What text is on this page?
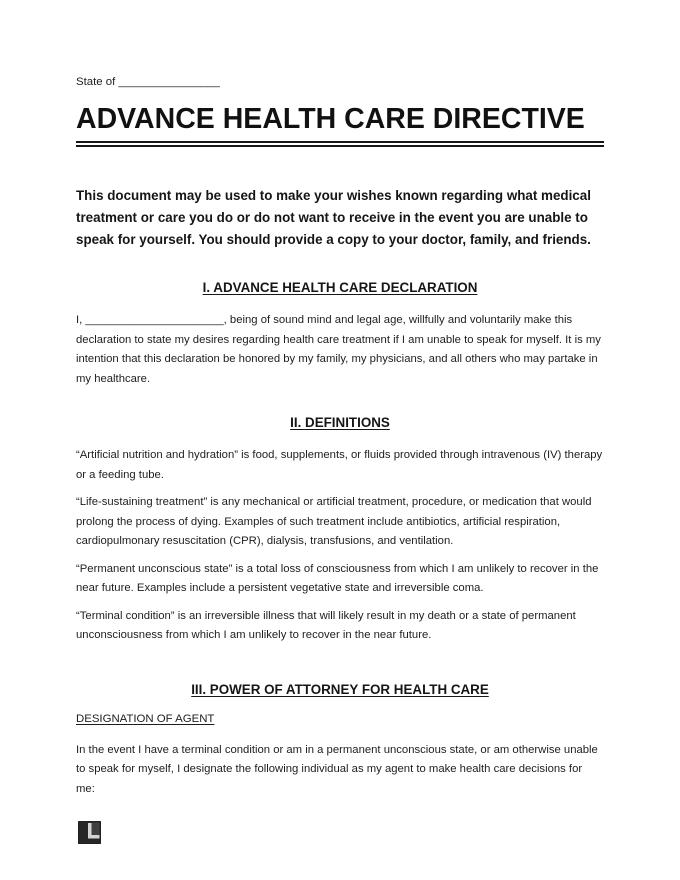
State of ________________
ADVANCE HEALTH CARE DIRECTIVE

This document may be used to make your wishes known regarding what medical treatment or care you do or do not want to receive in the event you are unable to speak for yourself. You should provide a copy to your doctor, family, and friends.

I. ADVANCE HEALTH CARE DECLARATION

I, ______________________, being of sound mind and legal age, willfully and voluntarily make this declaration to state my desires regarding health care treatment if I am unable to speak for myself. It is my intention that this declaration be honored by my family, my physicians, and all others who may partake in my healthcare.

II. DEFINITIONS

“Artificial nutrition and hydration” is food, supplements, or fluids provided through intravenous (IV) therapy or a feeding tube.

“Life-sustaining treatment” is any mechanical or artificial treatment, procedure, or medication that would prolong the process of dying. Examples of such treatment include antibiotics, artificial respiration, cardiopulmonary resuscitation (CPR), dialysis, transfusions, and ventilation.

“Permanent unconscious state” is a total loss of consciousness from which I am unlikely to recover in the near future. Examples include a persistent vegetative state and irreversible coma.

“Terminal condition” is an irreversible illness that will likely result in my death or a state of permanent unconsciousness from which I am unlikely to recover in the near future.

III. POWER OF ATTORNEY FOR HEALTH CARE
DESIGNATION OF AGENT

In the event I have a terminal condition or am in a permanent unconscious state, or am otherwise unable to speak for myself, I designate the following individual as my agent to make health care decisions for me:
